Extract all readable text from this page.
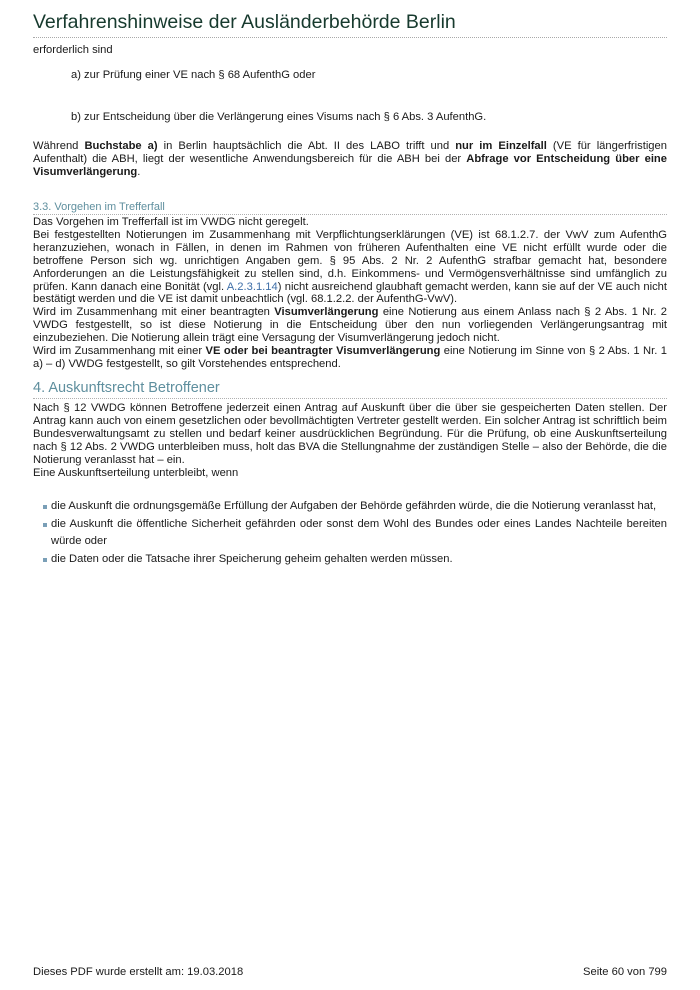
Verfahrenshinweise der Ausländerbehörde Berlin
erforderlich sind
a) zur Prüfung einer VE nach § 68 AufenthG oder
b) zur Entscheidung über die Verlängerung eines Visums nach § 6 Abs. 3 AufenthG.

Während Buchstabe a) in Berlin hauptsächlich die Abt. II des LABO trifft und nur im Einzelfall (VE für längerfristigen Aufenthalt) die ABH, liegt der wesentliche Anwendungsbereich für die ABH bei der Abfrage vor Entscheidung über eine Visumverlängerung.

3.3. Vorgehen im Trefferfall

Das Vorgehen im Trefferfall ist im VWDG nicht geregelt.

Bei festgestellten Notierungen im Zusammenhang mit Verpflichtungserklärungen (VE) ist 68.1.2.7. der VwV zum AufenthG heranzuziehen, wonach in Fällen, in denen im Rahmen von früheren Aufenthalten eine VE nicht erfüllt wurde oder die betroffene Person sich wg. unrichtigen Angaben gem. § 95 Abs. 2 Nr. 2 AufenthG strafbar gemacht hat, besondere Anforderungen an die Leistungsfähigkeit zu stellen sind, d.h. Einkommens- und Vermögensverhältnisse sind umfänglich zu prüfen. Kann danach eine Bonität (vgl. A.2.3.1.14) nicht ausreichend glaubhaft gemacht werden, kann sie auf der VE auch nicht bestätigt werden und die VE ist damit unbeachtlich (vgl. 68.1.2.2. der AufenthG-VwV).

Wird im Zusammenhang mit einer beantragten Visumverlängerung eine Notierung aus einem Anlass nach § 2 Abs. 1 Nr. 2 VWDG festgestellt, so ist diese Notierung in die Entscheidung über den nun vorliegenden Verlängerungsantrag mit einzubeziehen. Die Notierung allein trägt eine Versagung der Visumverlängerung jedoch nicht.

Wird im Zusammenhang mit einer VE oder bei beantragter Visumverlängerung eine Notierung im Sinne von § 2 Abs. 1 Nr. 1 a) – d) VWDG festgestellt, so gilt Vorstehendes entsprechend.

4. Auskunftsrecht Betroffener

Nach § 12 VWDG können Betroffene jederzeit einen Antrag auf Auskunft über die über sie gespeicherten Daten stellen. Der Antrag kann auch von einem gesetzlichen oder bevollmächtigten Vertreter gestellt werden. Ein solcher Antrag ist schriftlich beim Bundesverwaltungsamt zu stellen und bedarf keiner ausdrücklichen Begründung. Für die Prüfung, ob eine Auskunftserteilung nach § 12 Abs. 2 VWDG unterbleiben muss, holt das BVA die Stellungnahme der zuständigen Stelle – also der Behörde, die die Notierung veranlasst hat – ein.

Eine Auskunftserteilung unterbleibt, wenn

die Auskunft die ordnungsgemäße Erfüllung der Aufgaben der Behörde gefährden würde, die die Notierung veranlasst hat,
die Auskunft die öffentliche Sicherheit gefährden oder sonst dem Wohl des Bundes oder eines Landes Nachteile bereiten würde oder
die Daten oder die Tatsache ihrer Speicherung geheim gehalten werden müssen.
Dieses PDF wurde erstellt am: 19.03.2018	Seite 60 von 799
